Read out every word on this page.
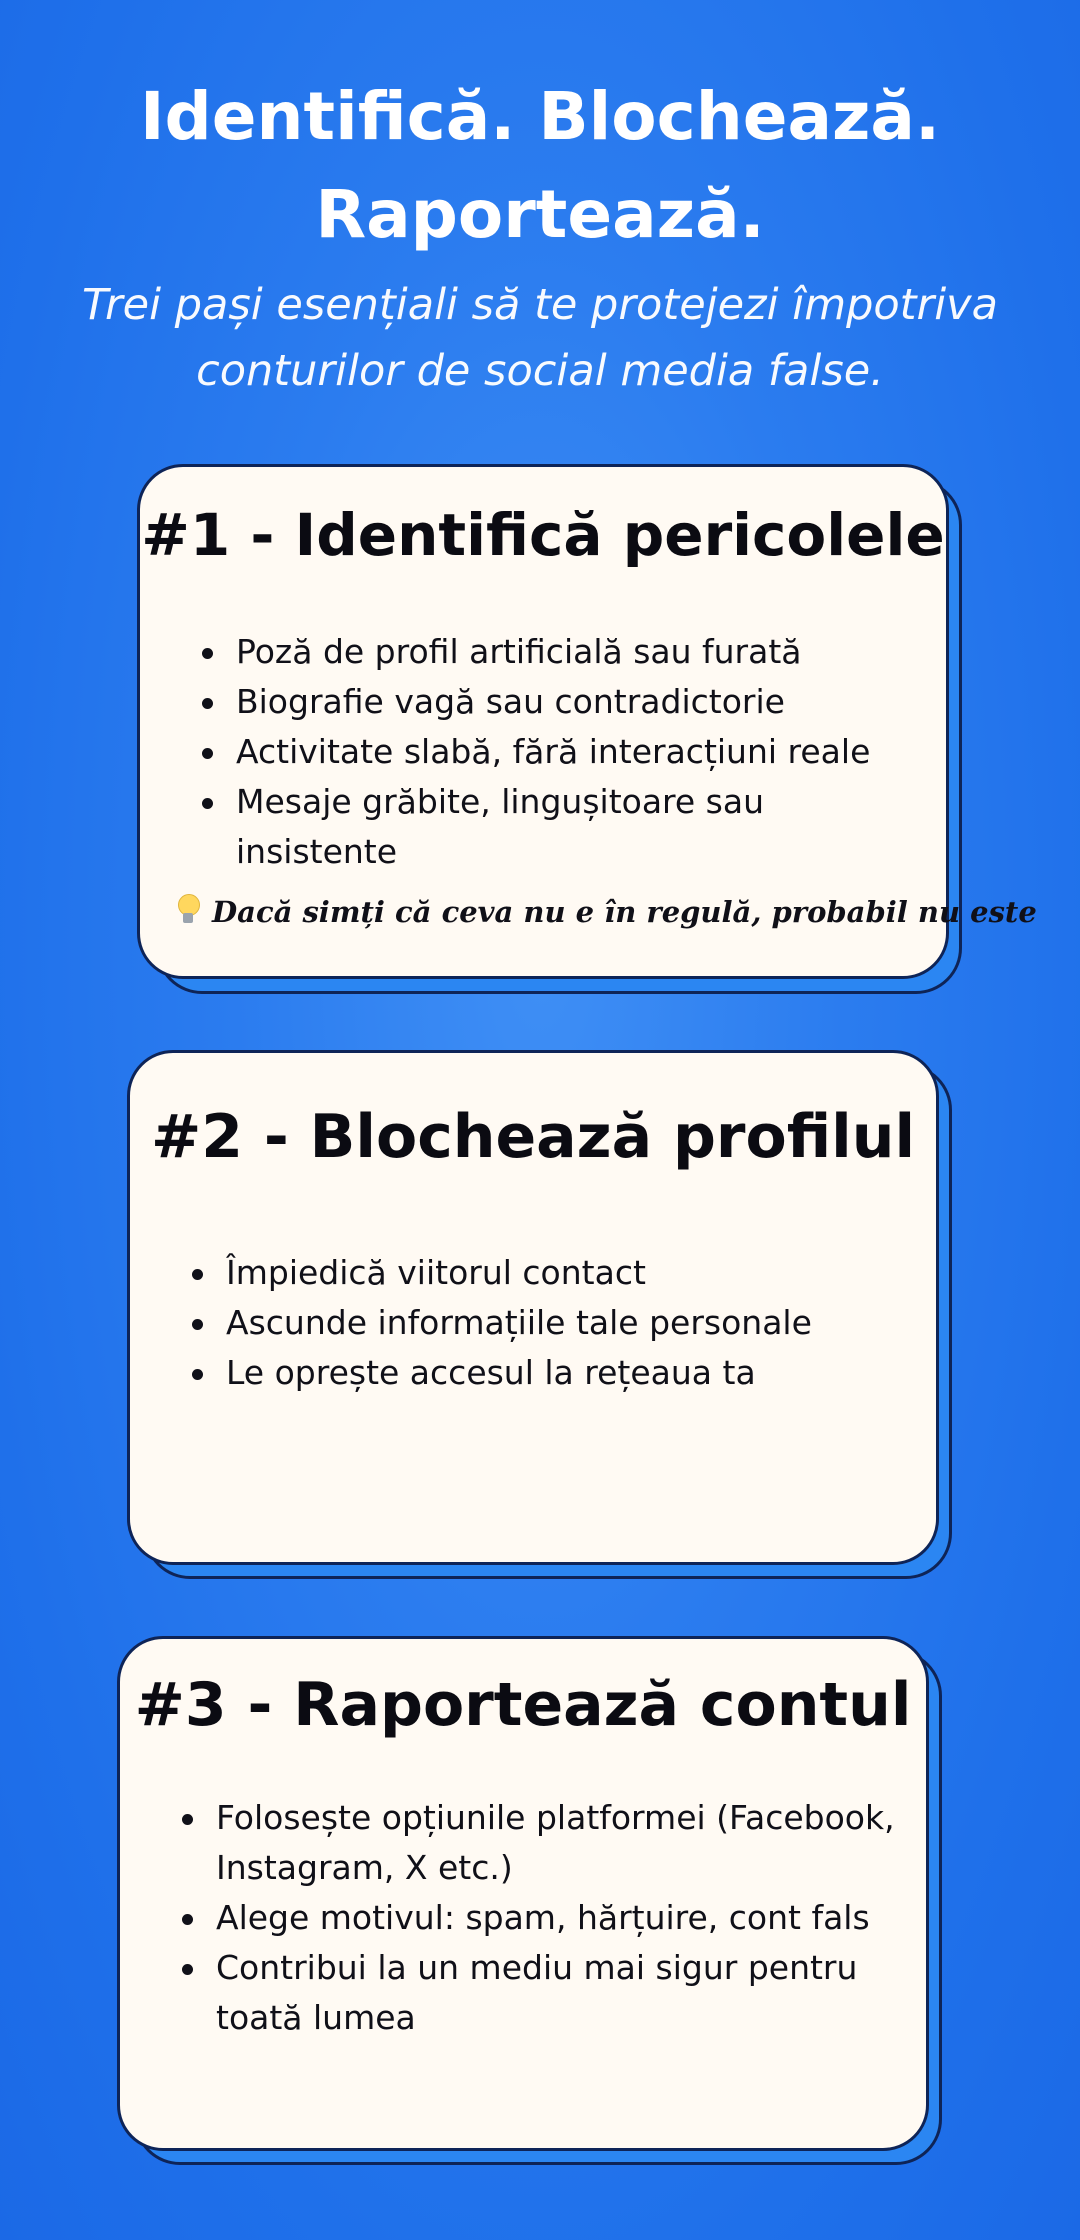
Identifică. Blochează. Raportează.

Trei pași esențiali să te protejezi împotriva conturilor de social media false.

#1 - Identifică pericolele
Poză de profil artificială sau furată
Biografie vagă sau contradictorie
Activitate slabă, fără interacțiuni reale
Mesaje grăbite, lingușitoare sau insistente

Dacă simți că ceva nu e în regulă, probabil nu este

#2 - Blochează profilul
Împiedică viitorul contact
Ascunde informațiile tale personale
Le oprește accesul la rețeaua ta
#3 - Raportează contul
Folosește opțiunile platformei (Facebook, Instagram, X etc.)
Alege motivul: spam, hărțuire, cont fals
Contribui la un mediu mai sigur pentru toată lumea
